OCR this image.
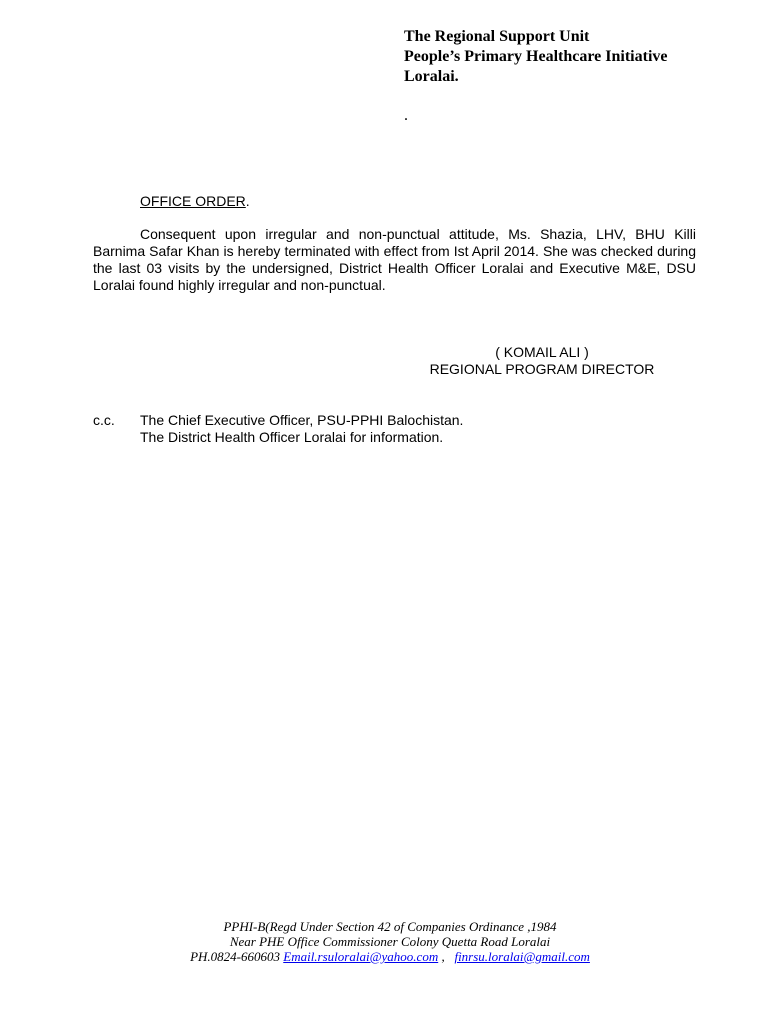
The Regional Support Unit
People’s Primary Healthcare Initiative
Loralai.
.
OFFICE ORDER.

Consequent upon irregular and non-punctual attitude, Ms. Shazia, LHV, BHU Killi Barnima Safar Khan is hereby terminated with effect from Ist April 2014. She was checked during the last 03 visits by the undersigned, District Health Officer Loralai and Executive M&E, DSU Loralai found highly irregular and non-punctual.

( KOMAIL ALI )
REGIONAL PROGRAM DIRECTOR
c.c.	The Chief Executive Officer, PSU-PPHI Balochistan.
The District Health Officer Loralai for information.
PPHI-B(Regd Under Section 42 of Companies Ordinance ,1984
Near PHE Office Commissioner Colony Quetta Road Loralai
PH.0824-660603 Email.rsuloralai@yahoo.com ,   finrsu.loralai@gmail.com
